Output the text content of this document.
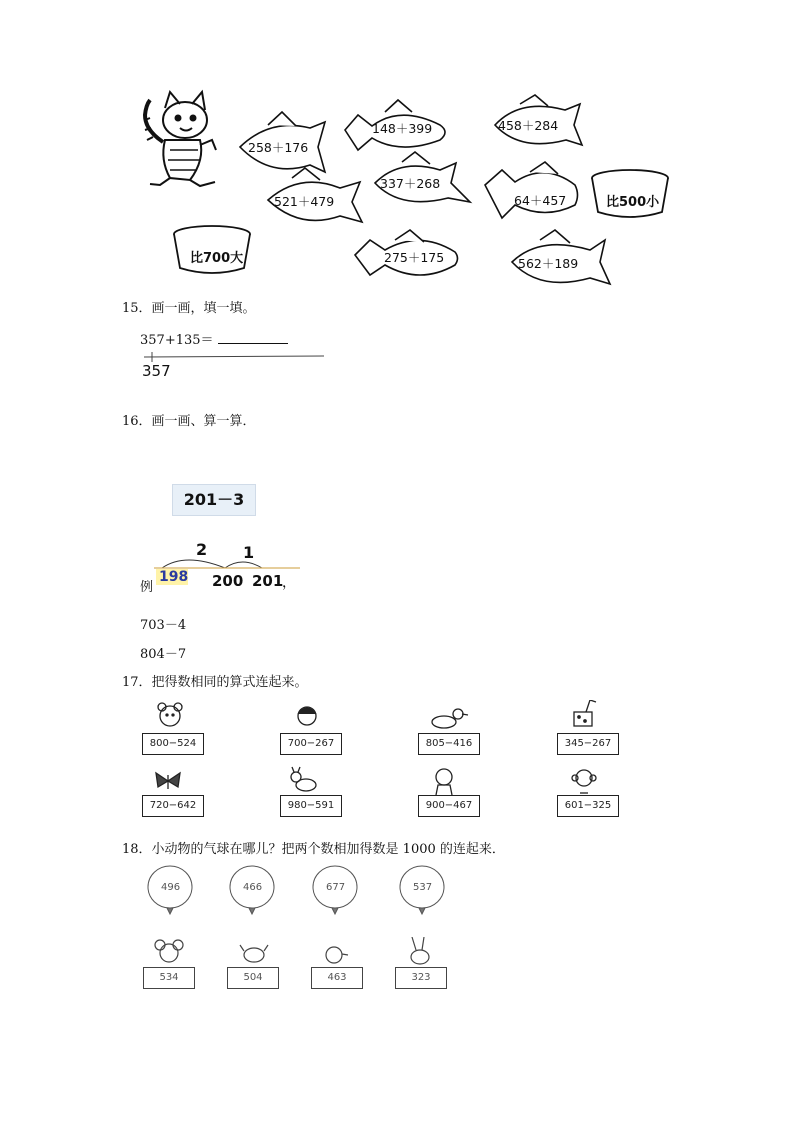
258＋176
148＋399	458＋284
337＋268
521＋479	64＋457
275＋175	562＋189
比700大
比500小
15．画一画，填一填。
357+135＝
357
16．画一画、算一算．
201－3
2 1
198 200 201
，
例
703－4
804－7
17．把得数相同的算式连起来。
800−524	700−267	805−416	345−267
720−642	980−591	900−467	601−325
18．小动物的气球在哪儿？把两个数相加得数是 1000 的连起来．
496	466	677	537
534	504	463	323
